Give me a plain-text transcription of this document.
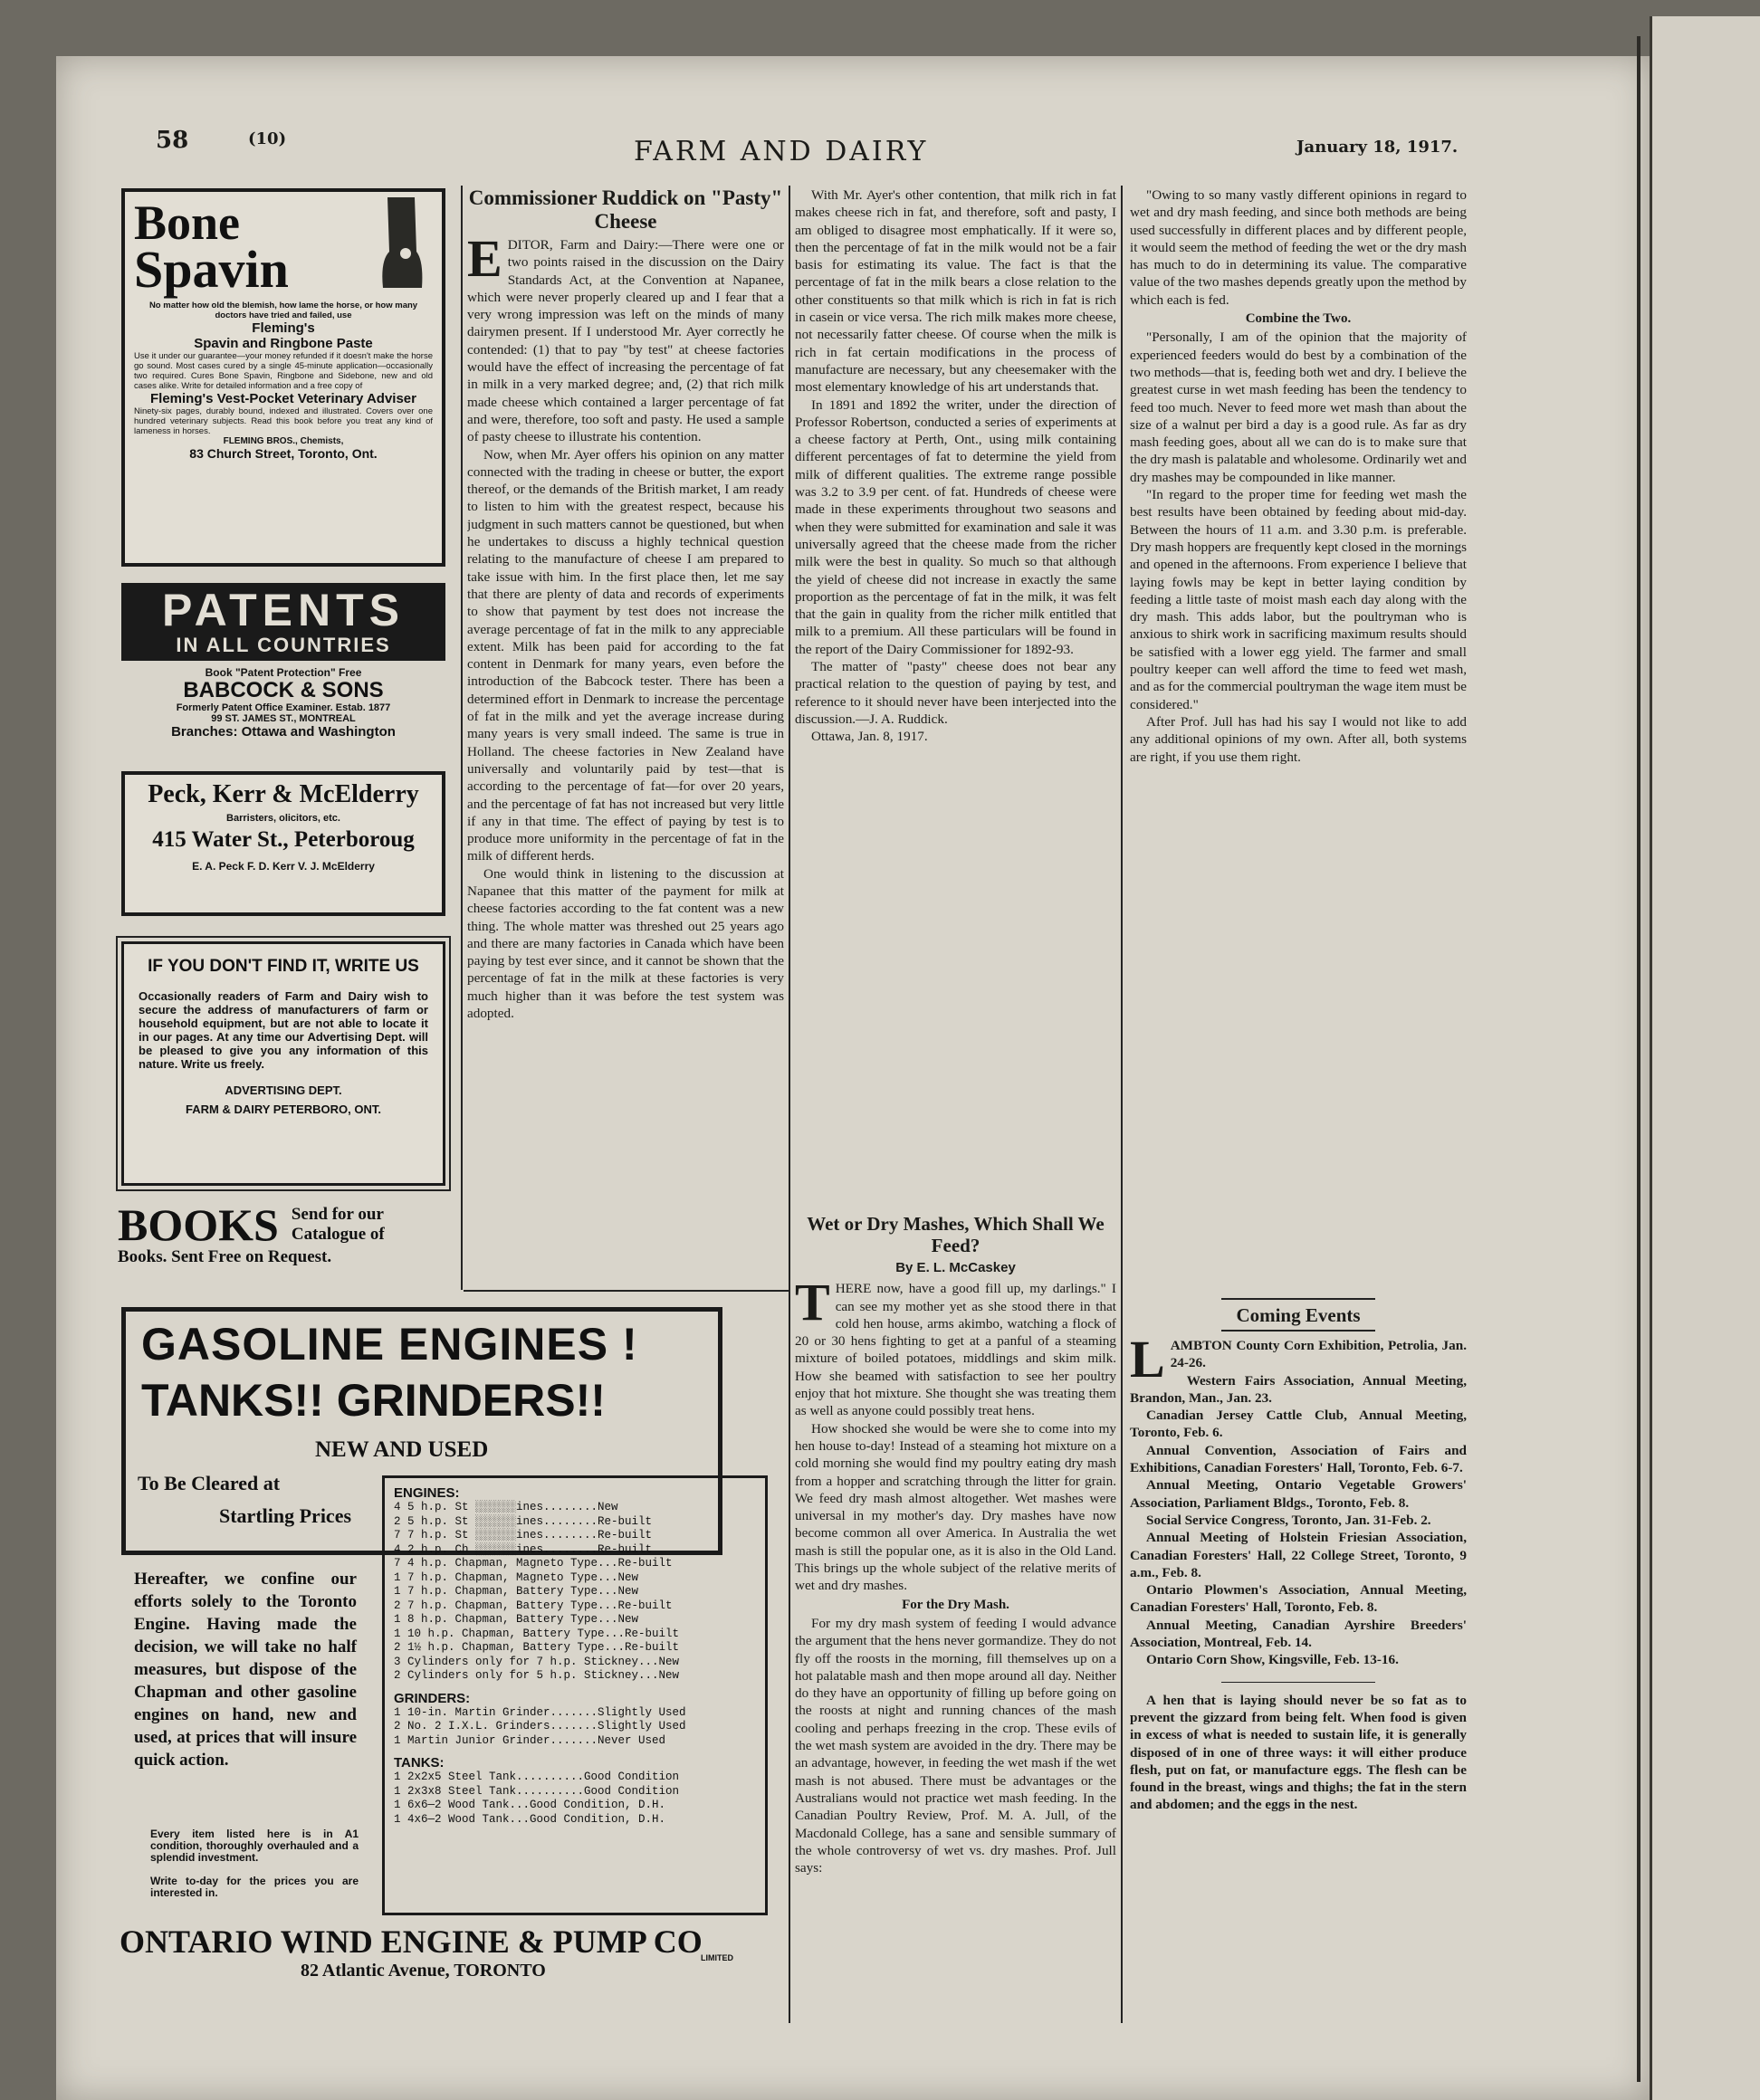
58	(10)	FARM AND DAIRY	January 18, 1917.
Bone
Spavin
No matter how old the blemish, how lame the horse, or how many doctors have tried and failed, use
Fleming's
Spavin and Ringbone Paste
Use it under our guarantee—your money refunded if it doesn't make the horse go sound. Most cases cured by a single 45-minute application—occasionally two required. Cures Bone Spavin, Ringbone and Sidebone, new and old cases alike. Write for detailed information and a free copy of
Fleming's Vest-Pocket Veterinary Adviser
Ninety-six pages, durably bound, indexed and illustrated. Covers over one hundred veterinary subjects. Read this book before you treat any kind of lameness in horses.
FLEMING BROS., Chemists,
83 Church Street, Toronto, Ont.
PATENTS
IN ALL COUNTRIES
Book "Patent Protection" Free
BABCOCK & SONS
Formerly Patent Office Examiner. Estab. 1877
99 ST. JAMES ST., MONTREAL
Branches: Ottawa and Washington
Peck, Kerr & McElderry
Barristers, olicitors, etc.
415 Water St., Peterboroug
E. A. Peck F. D. Kerr V. J. McElderry
IF YOU DON'T FIND IT, WRITE US
Occasionally readers of Farm and Dairy wish to secure the address of manufacturers of farm or household equipment, but are not able to locate it in our pages. At any time our Advertising Dept. will be pleased to give you any information of this nature. Write us freely.
ADVERTISING DEPT.
FARM & DAIRY PETERBORO, ONT.
BOOKS Send for our
Catalogue of
Books. Sent Free on Request.
GASOLINE ENGINES !
TANKS!! GRINDERS!!
NEW AND USED
To Be Cleared at
Startling Prices
Hereafter, we confine our efforts solely to the Toronto Engine. Having made the decision, we will take no half measures, but dispose of the Chapman and other gasoline engines on hand, new and used, at prices that will insure quick action.
Every item listed here is in A1 condition, thoroughly overhauled and a splendid investment.
Write to-day for the prices you are interested in.
ENGINES:
4 5 h.p. St ░░░░░░ines........New
2 5 h.p. St ░░░░░░ines........Re-built
7 7 h.p. St ░░░░░░ines........Re-built
4 2 h.p. Ch ░░░░░░ines........Re-built
7 4 h.p. Chapman, Magneto Type...Re-built
1 7 h.p. Chapman, Magneto Type...New
1 7 h.p. Chapman, Battery Type...New
2 7 h.p. Chapman, Battery Type...Re-built
1 8 h.p. Chapman, Battery Type...New
1 10 h.p. Chapman, Battery Type...Re-built
2 1½ h.p. Chapman, Battery Type...Re-built
3 Cylinders only for 7 h.p. Stickney...New
2 Cylinders only for 5 h.p. Stickney...New
GRINDERS:
1 10-in. Martin Grinder.......Slightly Used
2 No. 2 I.X.L. Grinders.......Slightly Used
1 Martin Junior Grinder.......Never Used
TANKS:
1 2x2x5 Steel Tank..........Good Condition
1 2x3x8 Steel Tank..........Good Condition
1 6x6—2 Wood Tank...Good Condition, D.H.
1 4x6—2 Wood Tank...Good Condition, D.H.
ONTARIO WIND ENGINE & PUMP CO
LIMITED
82 Atlantic Avenue, TORONTO
Commissioner Ruddick on "Pasty" Cheese

EDITOR, Farm and Dairy:—There were one or two points raised in the discussion on the Dairy Standards Act, at the Convention at Napanee, which were never properly cleared up and I fear that a very wrong impression was left on the minds of many dairymen present. If I understood Mr. Ayer correctly he contended: (1) that to pay "by test" at cheese factories would have the effect of increasing the percentage of fat in milk in a very marked degree; and, (2) that rich milk made cheese which contained a larger percentage of fat and were, therefore, too soft and pasty. He used a sample of pasty cheese to illustrate his contention.

Now, when Mr. Ayer offers his opinion on any matter connected with the trading in cheese or butter, the export thereof, or the demands of the British market, I am ready to listen to him with the greatest respect, because his judgment in such matters cannot be questioned, but when he undertakes to discuss a highly technical question relating to the manufacture of cheese I am prepared to take issue with him. In the first place then, let me say that there are plenty of data and records of experiments to show that payment by test does not increase the average percentage of fat in the milk to any appreciable extent. Milk has been paid for according to the fat content in Denmark for many years, even before the introduction of the Babcock tester. There has been a determined effort in Denmark to increase the percentage of fat in the milk and yet the average increase during many years is very small indeed. The same is true in Holland. The cheese factories in New Zealand have universally and voluntarily paid by test—that is according to the percentage of fat—for over 20 years, and the percentage of fat has not increased but very little if any in that time. The effect of paying by test is to produce more uniformity in the percentage of fat in the milk of different herds.

One would think in listening to the discussion at Napanee that this matter of the payment for milk at cheese factories according to the fat content was a new thing. The whole matter was threshed out 25 years ago and there are many factories in Canada which have been paying by test ever since, and it cannot be shown that the percentage of fat in the milk at these factories is very much higher than it was before the test system was adopted.

With Mr. Ayer's other contention, that milk rich in fat makes cheese rich in fat, and therefore, soft and pasty, I am obliged to disagree most emphatically. If it were so, then the percentage of fat in the milk would not be a fair basis for estimating its value. The fact is that the percentage of fat in the milk bears a close relation to the other constituents so that milk which is rich in fat is rich in casein or vice versa. The rich milk makes more cheese, not necessarily fatter cheese. Of course when the milk is rich in fat certain modifications in the process of manufacture are necessary, but any cheesemaker with the most elementary knowledge of his art understands that.

In 1891 and 1892 the writer, under the direction of Professor Robertson, conducted a series of experiments at a cheese factory at Perth, Ont., using milk containing different percentages of fat to determine the yield from milk of different qualities. The extreme range possible was 3.2 to 3.9 per cent. of fat. Hundreds of cheese were made in these experiments throughout two seasons and when they were submitted for examination and sale it was universally agreed that the cheese made from the richer milk were the best in quality. So much so that although the yield of cheese did not increase in exactly the same proportion as the percentage of fat in the milk, it was felt that the gain in quality from the richer milk entitled that milk to a premium. All these particulars will be found in the report of the Dairy Commissioner for 1892-93.

The matter of "pasty" cheese does not bear any practical relation to the question of paying by test, and reference to it should never have been interjected into the discussion.—J. A. Ruddick.

Ottawa, Jan. 8, 1917.

Wet or Dry Mashes, Which Shall We Feed?
By E. L. McCaskey

THERE now, have a good fill up, my darlings." I can see my mother yet as she stood there in that cold hen house, arms akimbo, watching a flock of 20 or 30 hens fighting to get at a panful of a steaming mixture of boiled potatoes, middlings and skim milk. How she beamed with satisfaction to see her poultry enjoy that hot mixture. She thought she was treating them as well as anyone could possibly treat hens.

How shocked she would be were she to come into my hen house to-day! Instead of a steaming hot mixture on a cold morning she would find my poultry eating dry mash from a hopper and scratching through the litter for grain. We feed dry mash almost altogether. Wet mashes were universal in my mother's day. Dry mashes have now become common all over America. In Australia the wet mash is still the popular one, as it is also in the Old Land. This brings up the whole subject of the relative merits of wet and dry mashes.

For the Dry Mash.

For my dry mash system of feeding I would advance the argument that the hens never gormandize. They do not fly off the roosts in the morning, fill themselves up on a hot palatable mash and then mope around all day. Neither do they have an opportunity of filling up before going on the roosts at night and running chances of the mash cooling and perhaps freezing in the crop. These evils of the wet mash system are avoided in the dry. There may be an advantage, however, in feeding the wet mash if the wet mash is not abused. There must be advantages or the Australians would not practice wet mash feeding. In the Canadian Poultry Review, Prof. M. A. Jull, of the Macdonald College, has a sane and sensible summary of the whole controversy of wet vs. dry mashes. Prof. Jull says:

"Owing to so many vastly different opinions in regard to wet and dry mash feeding, and since both methods are being used successfully in different places and by different people, it would seem the method of feeding the wet or the dry mash has much to do in determining its value. The comparative value of the two mashes depends greatly upon the method by which each is fed.

Combine the Two.

"Personally, I am of the opinion that the majority of experienced feeders would do best by a combination of the two methods—that is, feeding both wet and dry. I believe the greatest curse in wet mash feeding has been the tendency to feed too much. Never to feed more wet mash than about the size of a walnut per bird a day is a good rule. As far as dry mash feeding goes, about all we can do is to make sure that the dry mash is palatable and wholesome. Ordinarily wet and dry mashes may be compounded in like manner.

"In regard to the proper time for feeding wet mash the best results have been obtained by feeding about mid-day. Between the hours of 11 a.m. and 3.30 p.m. is preferable. Dry mash hoppers are frequently kept closed in the mornings and opened in the afternoons. From experience I believe that laying fowls may be kept in better laying condition by feeding a little taste of moist mash each day along with the dry mash. This adds labor, but the poultryman who is anxious to shirk work in sacrificing maximum results should be satisfied with a lower egg yield. The farmer and small poultry keeper can well afford the time to feed wet mash, and as for the commercial poultryman the wage item must be considered."

After Prof. Jull has had his say I would not like to add any additional opinions of my own. After all, both systems are right, if you use them right.

Coming Events

LAMBTON County Corn Exhibition, Petrolia, Jan. 24-26.

Western Fairs Association, Annual Meeting, Brandon, Man., Jan. 23.

Canadian Jersey Cattle Club, Annual Meeting, Toronto, Feb. 6.

Annual Convention, Association of Fairs and Exhibitions, Canadian Foresters' Hall, Toronto, Feb. 6-7.

Annual Meeting, Ontario Vegetable Growers' Association, Parliament Bldgs., Toronto, Feb. 8.

Social Service Congress, Toronto, Jan. 31-Feb. 2.

Annual Meeting of Holstein Friesian Association, Canadian Foresters' Hall, 22 College Street, Toronto, 9 a.m., Feb. 8.

Ontario Plowmen's Association, Annual Meeting, Canadian Foresters' Hall, Toronto, Feb. 8.

Annual Meeting, Canadian Ayrshire Breeders' Association, Montreal, Feb. 14.

Ontario Corn Show, Kingsville, Feb. 13-16.

A hen that is laying should never be so fat as to prevent the gizzard from being felt. When food is given in excess of what is needed to sustain life, it is generally disposed of in one of three ways: it will either produce flesh, put on fat, or manufacture eggs. The flesh can be found in the breast, wings and thighs; the fat in the stern and abdomen; and the eggs in the nest.
